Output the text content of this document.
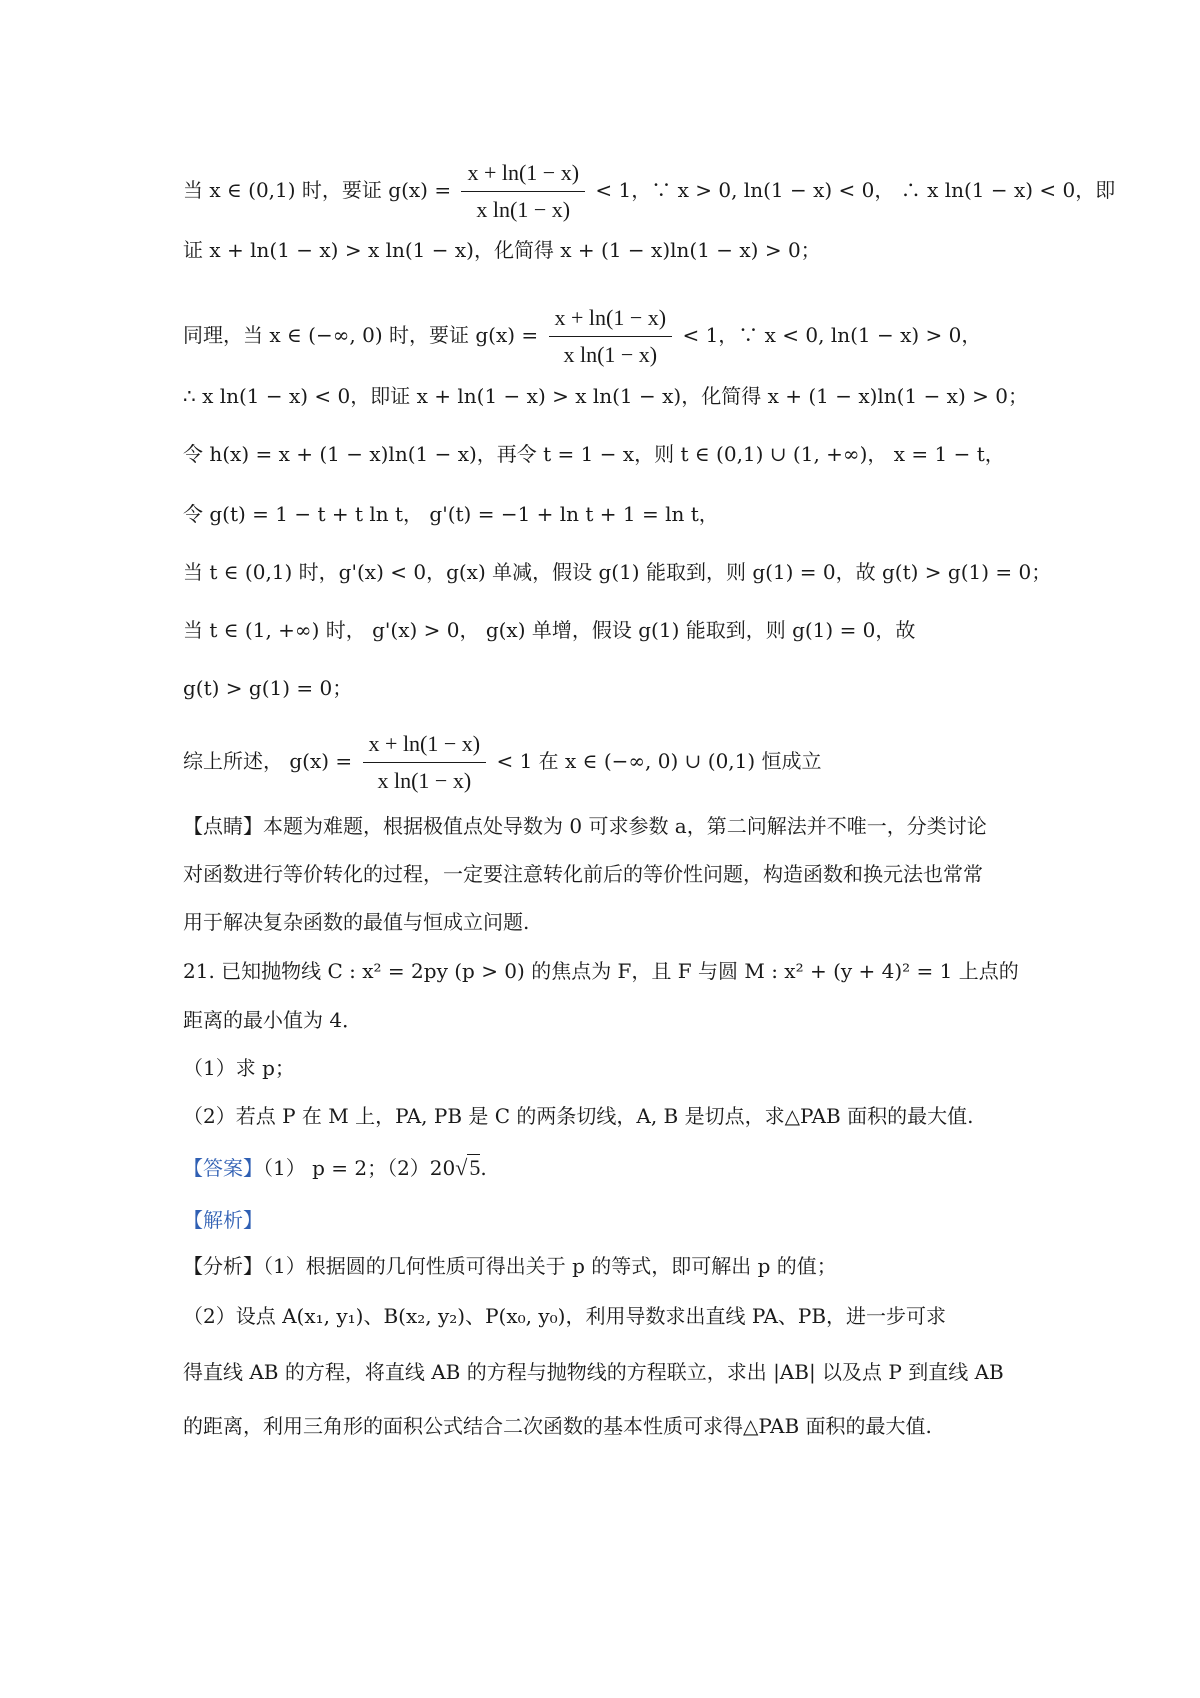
当 x ∈ (0,1) 时，要证 $g(x) = \frac{x + \ln(1 - x)}{\text{x ln(1 − x)}} < 1$，∵ x > 0, ln(1 − x) < 0， ∴ x ln(1 − x) < 0，即
证 x + ln(1 − x) > x ln(1 − x)，化简得 x + (1 − x)ln(1 − x) > 0；
同理，当 x ∈ (−∞, 0) 时，要证 $g(x) = \frac{x + \ln(1 - x)}{\text{x ln(1 − x)}} < 1$，∵ x < 0, ln(1 − x) > 0，
∴ x ln(1 − x) < 0，即证 x + ln(1 − x) > x ln(1 − x)，化简得 x + (1 − x)ln(1 − x) > 0；
令 h(x) = x + (1 − x)ln(1 − x)，再令 t = 1 − x，则 t ∈ (0,1) ∪ (1, +∞)， x = 1 − t，
令 g(t) = 1 − t + t ln t， g'(t) = −1 + ln t + 1 = ln t，
当 t ∈ (0,1) 时，g'(x) < 0，g(x) 单减，假设 g(1) 能取到，则 g(1) = 0，故 g(t) > g(1) = 0；
当 t ∈ (1, +∞) 时， g'(x) > 0， g(x) 单增，假设 g(1) 能取到，则 g(1) = 0，故
g(t) > g(1) = 0；
综上所述， $g(x) = \frac{x + \ln(1 - x)}{\text{x ln(1 − x)}} < 1$ 在 x ∈ (−∞, 0) ∪ (0,1) 恒成立
【点睛】本题为难题，根据极值点处导数为 0 可求参数 a，第二问解法并不唯一，分类讨论
对函数进行等价转化的过程，一定要注意转化前后的等价性问题，构造函数和换元法也常常
用于解决复杂函数的最值与恒成立问题.
21. 已知抛物线 C : x² = 2py (p > 0) 的焦点为 F，且 F 与圆 M : x² + (y + 4)² = 1 上点的
距离的最小值为 4．
（1）求 p；
（2）若点 P 在 M 上，PA, PB 是 C 的两条切线，A, B 是切点，求△PAB 面积的最大值.
【答案】（1） p = 2；（2）20√5.
【解析】
【分析】（1）根据圆的几何性质可得出关于 p 的等式，即可解出 p 的值；
（2）设点 A(x₁, y₁)、B(x₂, y₂)、P(x₀, y₀)，利用导数求出直线 PA、PB，进一步可求
得直线 AB 的方程，将直线 AB 的方程与抛物线的方程联立，求出 |AB| 以及点 P 到直线 AB
的距离，利用三角形的面积公式结合二次函数的基本性质可求得△PAB 面积的最大值.
